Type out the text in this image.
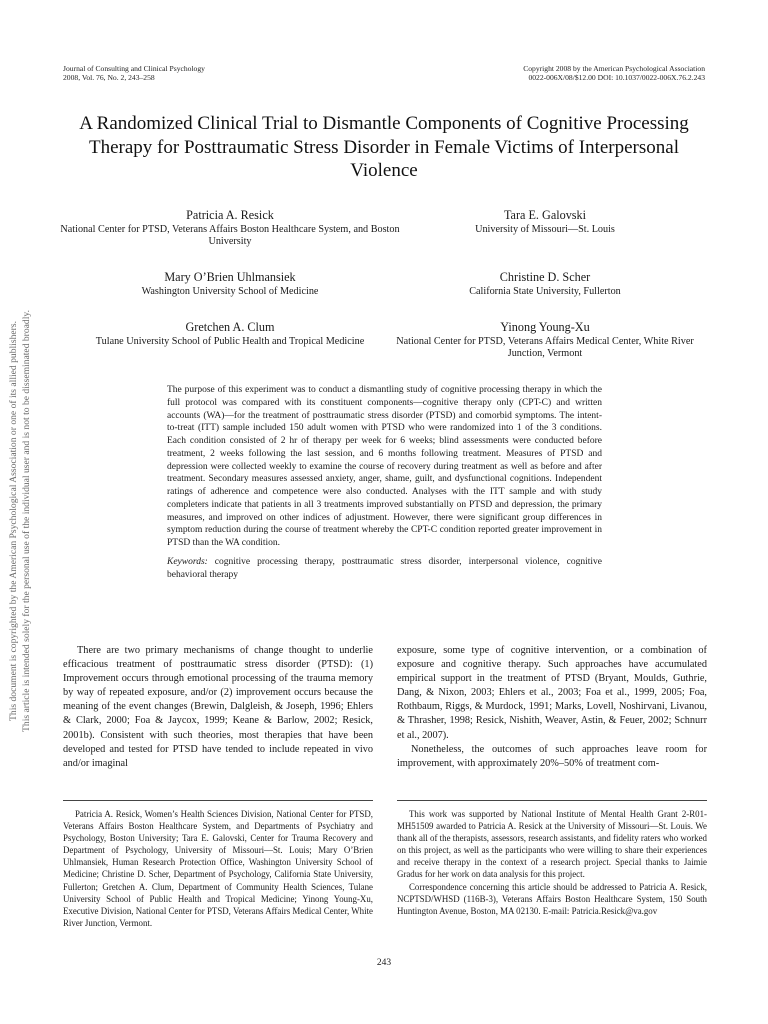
This document is copyrighted by the American Psychological Association or one of its allied publishers. This article is intended solely for the personal use of the individual user and is not to be disseminated broadly.
Journal of Consulting and Clinical Psychology
2008, Vol. 76, No. 2, 243–258
Copyright 2008 by the American Psychological Association
0022-006X/08/$12.00 DOI: 10.1037/0022-006X.76.2.243
A Randomized Clinical Trial to Dismantle Components of Cognitive Processing Therapy for Posttraumatic Stress Disorder in Female Victims of Interpersonal Violence
Patricia A. Resick
National Center for PTSD, Veterans Affairs Boston Healthcare System, and Boston University
Tara E. Galovski
University of Missouri—St. Louis
Mary O’Brien Uhlmansiek
Washington University School of Medicine
Christine D. Scher
California State University, Fullerton
Gretchen A. Clum
Tulane University School of Public Health and Tropical Medicine
Yinong Young-Xu
National Center for PTSD, Veterans Affairs Medical Center, White River Junction, Vermont

The purpose of this experiment was to conduct a dismantling study of cognitive processing therapy in which the full protocol was compared with its constituent components—cognitive therapy only (CPT-C) and written accounts (WA)—for the treatment of posttraumatic stress disorder (PTSD) and comorbid symptoms. The intent-to-treat (ITT) sample included 150 adult women with PTSD who were randomized into 1 of the 3 conditions. Each condition consisted of 2 hr of therapy per week for 6 weeks; blind assessments were conducted before treatment, 2 weeks following the last session, and 6 months following treatment. Measures of PTSD and depression were collected weekly to examine the course of recovery during treatment as well as before and after treatment. Secondary measures assessed anxiety, anger, shame, guilt, and dysfunctional cognitions. Independent ratings of adherence and competence were also conducted. Analyses with the ITT sample and with study completers indicate that patients in all 3 treatments improved substantially on PTSD and depression, the primary measures, and improved on other indices of adjustment. However, there were significant group differences in symptom reduction during the course of treatment whereby the CPT-C condition reported greater improvement in PTSD than the WA condition.

Keywords: cognitive processing therapy, posttraumatic stress disorder, interpersonal violence, cognitive behavioral therapy

There are two primary mechanisms of change thought to underlie efficacious treatment of posttraumatic stress disorder (PTSD): (1) Improvement occurs through emotional processing of the trauma memory by way of repeated exposure, and/or (2) improvement occurs because the meaning of the event changes (Brewin, Dalgleish, & Joseph, 1996; Ehlers & Clark, 2000; Foa & Jaycox, 1999; Keane & Barlow, 2002; Resick, 2001b). Consistent with such theories, most therapies that have been developed and tested for PTSD have tended to include repeated in vivo and/or imaginal

exposure, some type of cognitive intervention, or a combination of exposure and cognitive therapy. Such approaches have accumulated empirical support in the treatment of PTSD (Bryant, Moulds, Guthrie, Dang, & Nixon, 2003; Ehlers et al., 2003; Foa et al., 1999, 2005; Foa, Rothbaum, Riggs, & Murdock, 1991; Marks, Lovell, Noshirvani, Livanou, & Thrasher, 1998; Resick, Nishith, Weaver, Astin, & Feuer, 2002; Schnurr et al., 2007).

Nonetheless, the outcomes of such approaches leave room for improvement, with approximately 20%–50% of treatment com-

Patricia A. Resick, Women’s Health Sciences Division, National Center for PTSD, Veterans Affairs Boston Healthcare System, and Departments of Psychiatry and Psychology, Boston University; Tara E. Galovski, Center for Trauma Recovery and Department of Psychology, University of Missouri—St. Louis; Mary O’Brien Uhlmansiek, Human Research Protection Office, Washington University School of Medicine; Christine D. Scher, Department of Psychology, California State University, Fullerton; Gretchen A. Clum, Department of Community Health Sciences, Tulane University School of Public Health and Tropical Medicine; Yinong Young-Xu, Executive Division, National Center for PTSD, Veterans Affairs Medical Center, White River Junction, Vermont.

This work was supported by National Institute of Mental Health Grant 2-R01-MH51509 awarded to Patricia A. Resick at the University of Missouri—St. Louis. We thank all of the therapists, assessors, research assistants, and fidelity raters who worked on this project, as well as the participants who were willing to share their experiences and receive therapy in the context of a research project. Special thanks to Jaimie Gradus for her work on data analysis for this project.

Correspondence concerning this article should be addressed to Patricia A. Resick, NCPTSD/WHSD (116B-3), Veterans Affairs Boston Healthcare System, 150 South Huntington Avenue, Boston, MA 02130. E-mail: Patricia.Resick@va.gov

243
